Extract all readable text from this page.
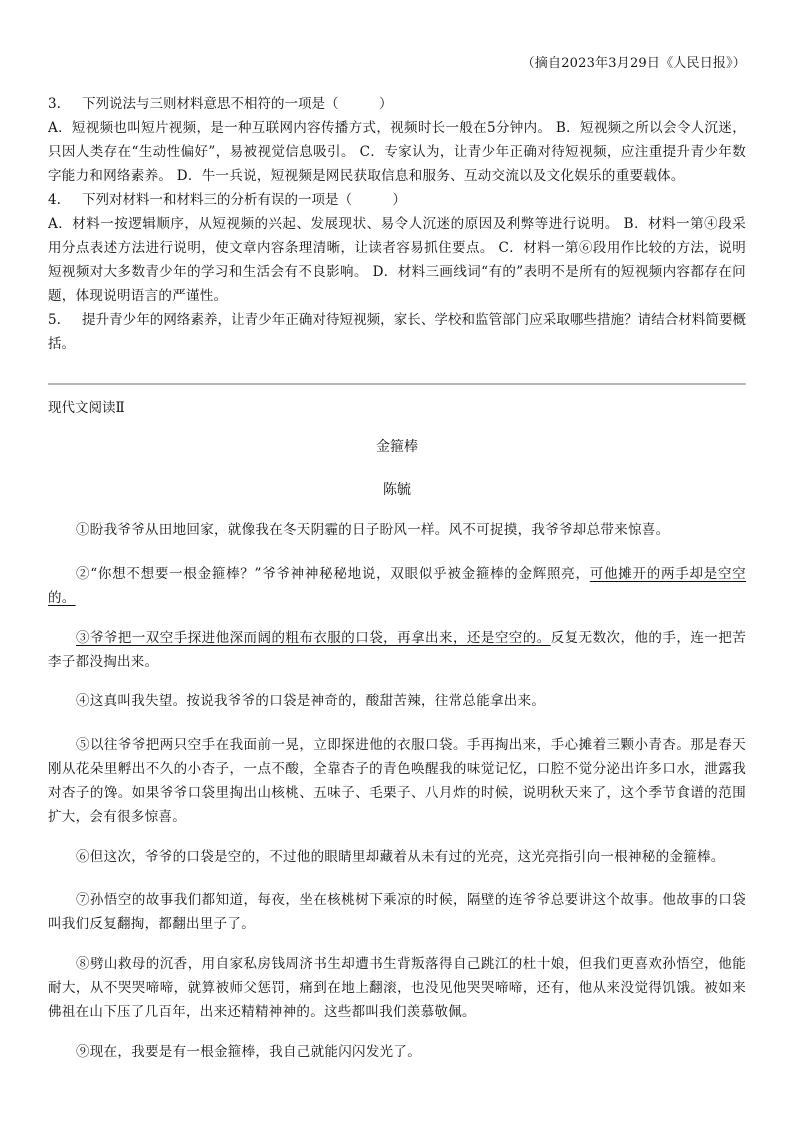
（摘自2023年3月29日《人民日报》）

3. 下列说法与三则材料意思不相符的一项是（　　　）

A．短视频也叫短片视频，是一种互联网内容传播方式，视频时长一般在5分钟内。 B．短视频之所以会令人沉迷，只因人类存在“生动性偏好”，易被视觉信息吸引。 C．专家认为，让青少年正确对待短视频，应注重提升青少年数字能力和网络素养。 D．牛一兵说，短视频是网民获取信息和服务、互动交流以及文化娱乐的重要载体。

4. 下列对材料一和材料三的分析有误的一项是（　　　）

A．材料一按逻辑顺序，从短视频的兴起、发展现状、易令人沉迷的原因及利弊等进行说明。 B．材料一第④段采用分点表述方法进行说明，使文章内容条理清晰，让读者容易抓住要点。 C．材料一第⑥段用作比较的方法，说明短视频对大多数青少年的学习和生活会有不良影响。 D．材料三画线词“有的”表明不是所有的短视频内容都存在问题，体现说明语言的严谨性。

5. 提升青少年的网络素养，让青少年正确对待短视频，家长、学校和监管部门应采取哪些措施？请结合材料简要概括。

现代文阅读Ⅱ
金箍棒
陈毓

①盼我爷爷从田地回家，就像我在冬天阴霾的日子盼风一样。风不可捉摸，我爷爷却总带来惊喜。

②“你想不想要一根金箍棒？”爷爷神神秘秘地说，双眼似乎被金箍棒的金辉照亮，可他摊开的两手却是空空的。

③爷爷把一双空手探进他深而阔的粗布衣服的口袋，再拿出来，还是空空的。反复无数次，他的手，连一把苦李子都没掏出来。

④这真叫我失望。按说我爷爷的口袋是神奇的，酸甜苦辣，往常总能拿出来。

⑤以往爷爷把两只空手在我面前一晃，立即探进他的衣服口袋。手再掏出来，手心摊着三颗小青杏。那是春天刚从花朵里孵出不久的小杏子，一点不酸，全靠杏子的青色唤醒我的味觉记忆，口腔不觉分泌出许多口水，泄露我对杏子的馋。如果爷爷口袋里掏出山核桃、五味子、毛栗子、八月炸的时候，说明秋天来了，这个季节食谱的范围扩大，会有很多惊喜。

⑥但这次，爷爷的口袋是空的，不过他的眼睛里却藏着从未有过的光亮，这光亮指引向一根神秘的金箍棒。

⑦孙悟空的故事我们都知道，每夜，坐在核桃树下乘凉的时候，隔壁的连爷爷总要讲这个故事。他故事的口袋叫我们反复翻掏，都翻出里子了。

⑧劈山救母的沉香，用自家私房钱周济书生却遭书生背叛落得自己跳江的杜十娘，但我们更喜欢孙悟空，他能耐大，从不哭哭啼啼，就算被师父惩罚，痛到在地上翻滚，也没见他哭哭啼啼，还有，他从来没觉得饥饿。被如来佛祖在山下压了几百年，出来还精精神神的。这些都叫我们羡慕敬佩。

⑨现在，我要是有一根金箍棒，我自己就能闪闪发光了。
